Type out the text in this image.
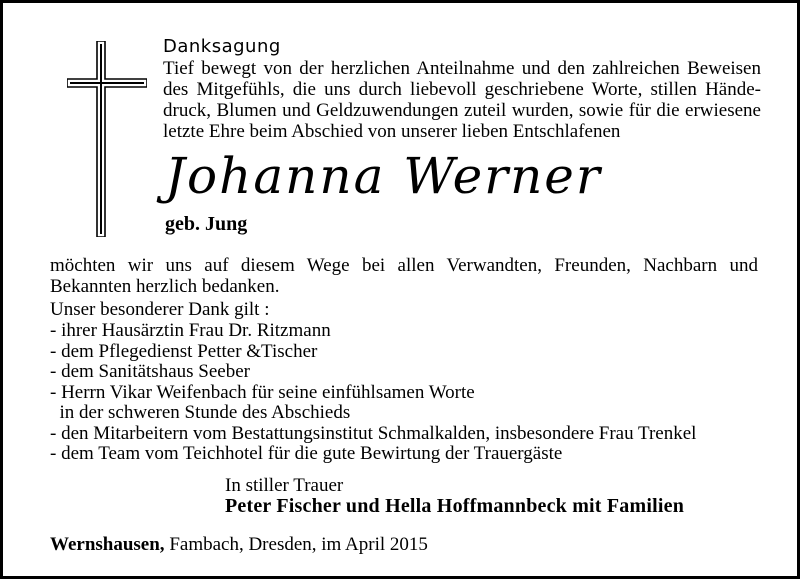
Danksagung
Tief bewegt von der herzlichen Anteilnahme und den zahlreichen Beweisen
des Mitgefühls, die uns durch liebevoll geschriebene Worte, stillen Hände-
druck, Blumen und Geldzuwendungen zuteil wurden, sowie für die erwiesene
letzte Ehre beim Abschied von unserer lieben Entschlafenen
Johanna Werner
geb. Jung
möchten wir uns auf diesem Wege bei allen Verwandten, Freunden, Nachbarn und
Bekannten herzlich bedanken.
Unser besonderer Dank gilt :
- ihrer Hausärztin Frau Dr. Ritzmann
- dem Pflegedienst Petter &Tischer
- dem Sanitätshaus Seeber
- Herrn Vikar Weifenbach für seine einfühlsamen Worte
in der schweren Stunde des Abschieds
- den Mitarbeitern vom Bestattungsinstitut Schmalkalden, insbesondere Frau Trenkel
- dem Team vom Teichhotel für die gute Bewirtung der Trauergäste
In stiller Trauer
Peter Fischer und Hella Hoffmannbeck mit Familien
Wernshausen, Fambach, Dresden, im April 2015
